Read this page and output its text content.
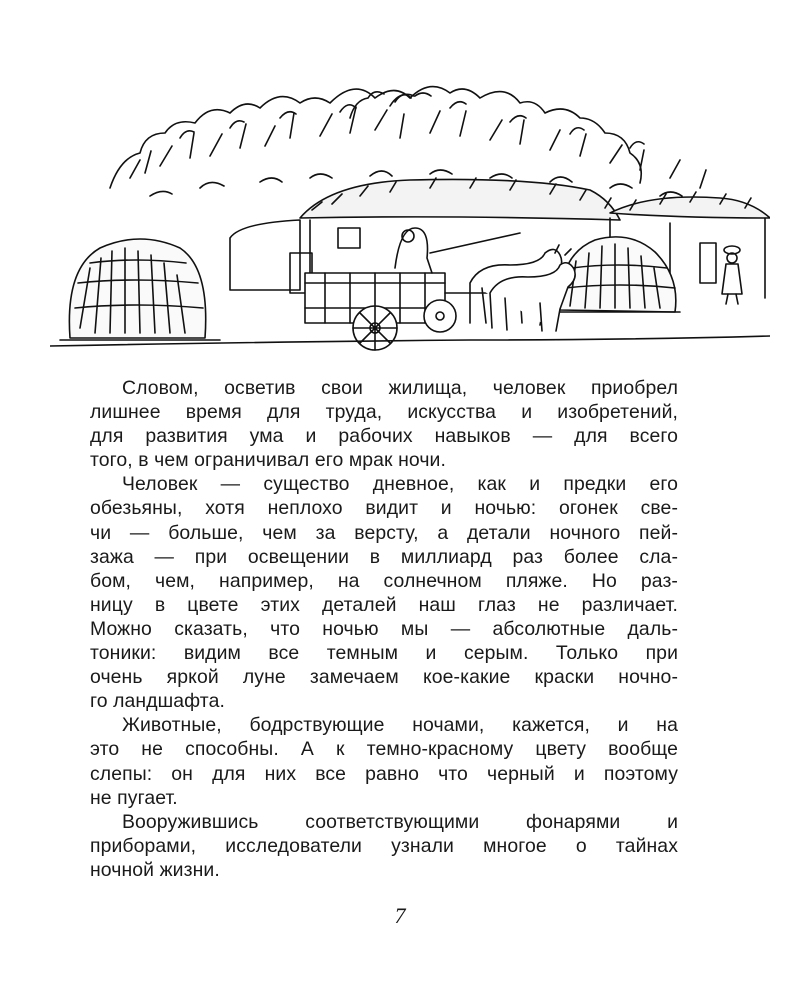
Словом, осветив свои жилища, человек приобрел
лишнее время для труда, искусства и изобретений,
для развития ума и рабочих навыков — для всего
того, в чем ограничивал его мрак ночи.

Человек — существо дневное, как и предки его
обезьяны, хотя неплохо видит и ночью: огонек све-
чи — больше, чем за версту, а детали ночного пей-
зажа — при освещении в миллиард раз более сла-
бом, чем, например, на солнечном пляже. Но раз-
ницу в цвете этих деталей наш глаз не различает.
Можно сказать, что ночью мы — абсолютные даль-
тоники: видим все темным и серым. Только при
очень яркой луне замечаем кое-какие краски ночно-
го ландшафта.

Животные, бодрствующие ночами, кажется, и на
это не способны. А к темно-красному цвету вообще
слепы: он для них все равно что черный и поэтому
не пугает.

Вооружившись соответствующими фонарями и
приборами, исследователи узнали многое о тайнах
ночной жизни.

7
